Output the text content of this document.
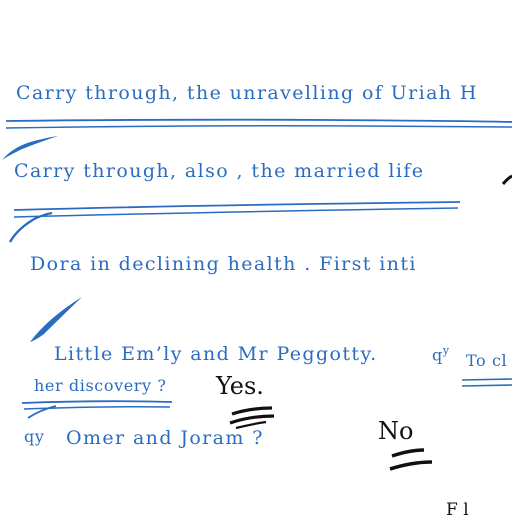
Carry through, the unravelling of Uriah H
Carry through, also , the married life
Dora in declining health . First inti
Little Em’ly and Mr Peggotty.	$q^y$
To cl
her discovery ?
qy Omer and Joram ?
Yes.
No
F l
